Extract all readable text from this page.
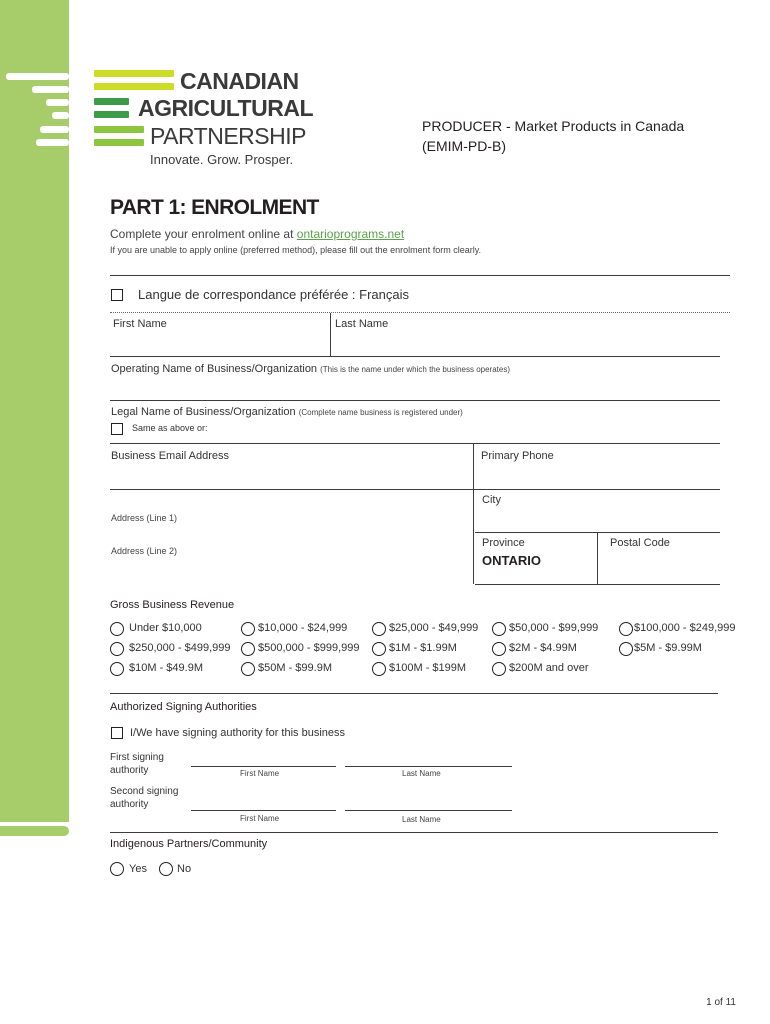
CANADIAN
AGRICULTURAL
PARTNERSHIP
Innovate. Grow. Prosper.
PRODUCER - Market Products in Canada
(EMIM-PD-B)
PART 1: ENROLMENT
Complete your enrolment online at ontarioprograms.net
If you are unable to apply online (preferred method), please fill out the enrolment form clearly.
Langue de correspondance préférée : Français
First Name	Last Name
Operating Name of Business/Organization (This is the name under which the business operates)
Legal Name of Business/Organization (Complete name business is registered under)
Same as above or:
Business Email Address	Primary Phone
City
Address (Line 1)
Address (Line 2)
Province
ONTARIO
Postal Code
Gross Business Revenue
Under $10,000	$10,000 - $24,999	$25,000 - $49,999	$50,000 - $99,999	$100,000 - $249,999
$250,000 - $499,999 $500,000 - $999,999	$1M - $1.99M	$2M - $4.99M	$5M - $9.99M
$10M - $49.9M	$50M - $99.9M	$100M - $199M	$200M and over
Authorized Signing Authorities
I/We have signing authority for this business
First signing authority	First Name	Last Name
Second signing authority
First Name	Last Name
Indigenous Partners/Community
Yes	No
1 of 11
